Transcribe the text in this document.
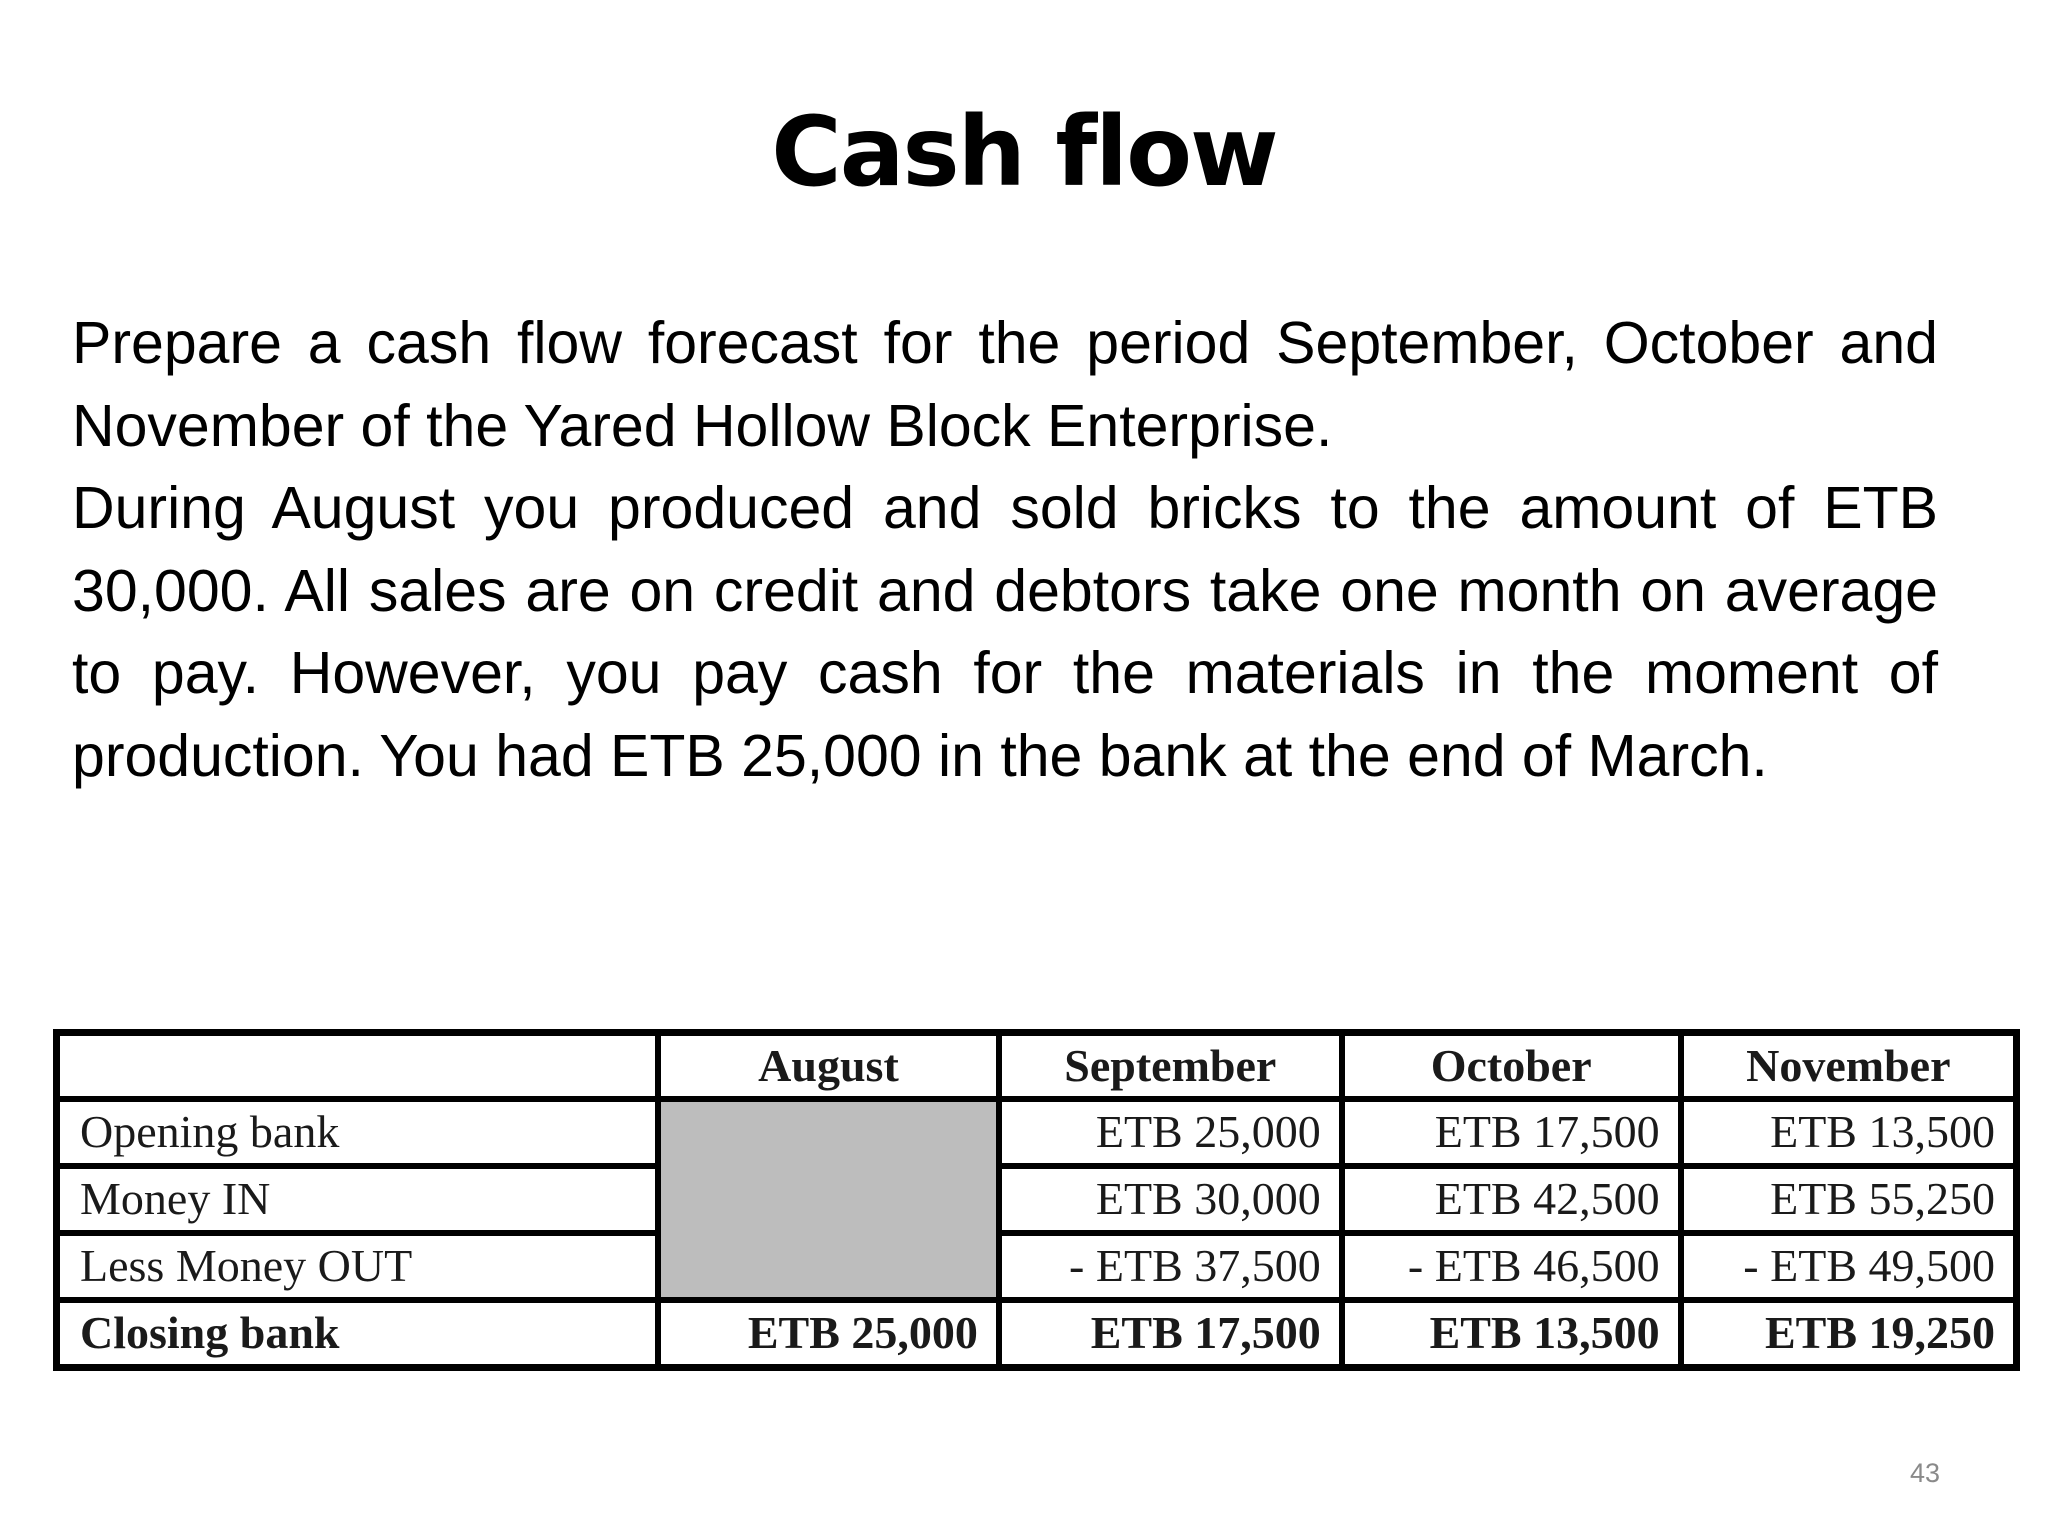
Cash flow

Prepare a cash flow forecast for the period September, October and November of the Yared Hollow Block Enterprise.

During August you produced and sold bricks to the amount of ETB 30,000. All sales are on credit and debtors take one month on average to pay. However, you pay cash for the materials in the moment of production. You had ETB 25,000 in the bank at the end of March.

	August	September	October	November
Opening bank		ETB 25,000	ETB 17,500	ETB 13,500
Money IN		ETB 30,000	ETB 42,500	ETB 55,250
Less Money OUT		- ETB 37,500	- ETB 46,500	- ETB 49,500
Closing bank	ETB 25,000	ETB 17,500	ETB 13,500	ETB 19,250
43
